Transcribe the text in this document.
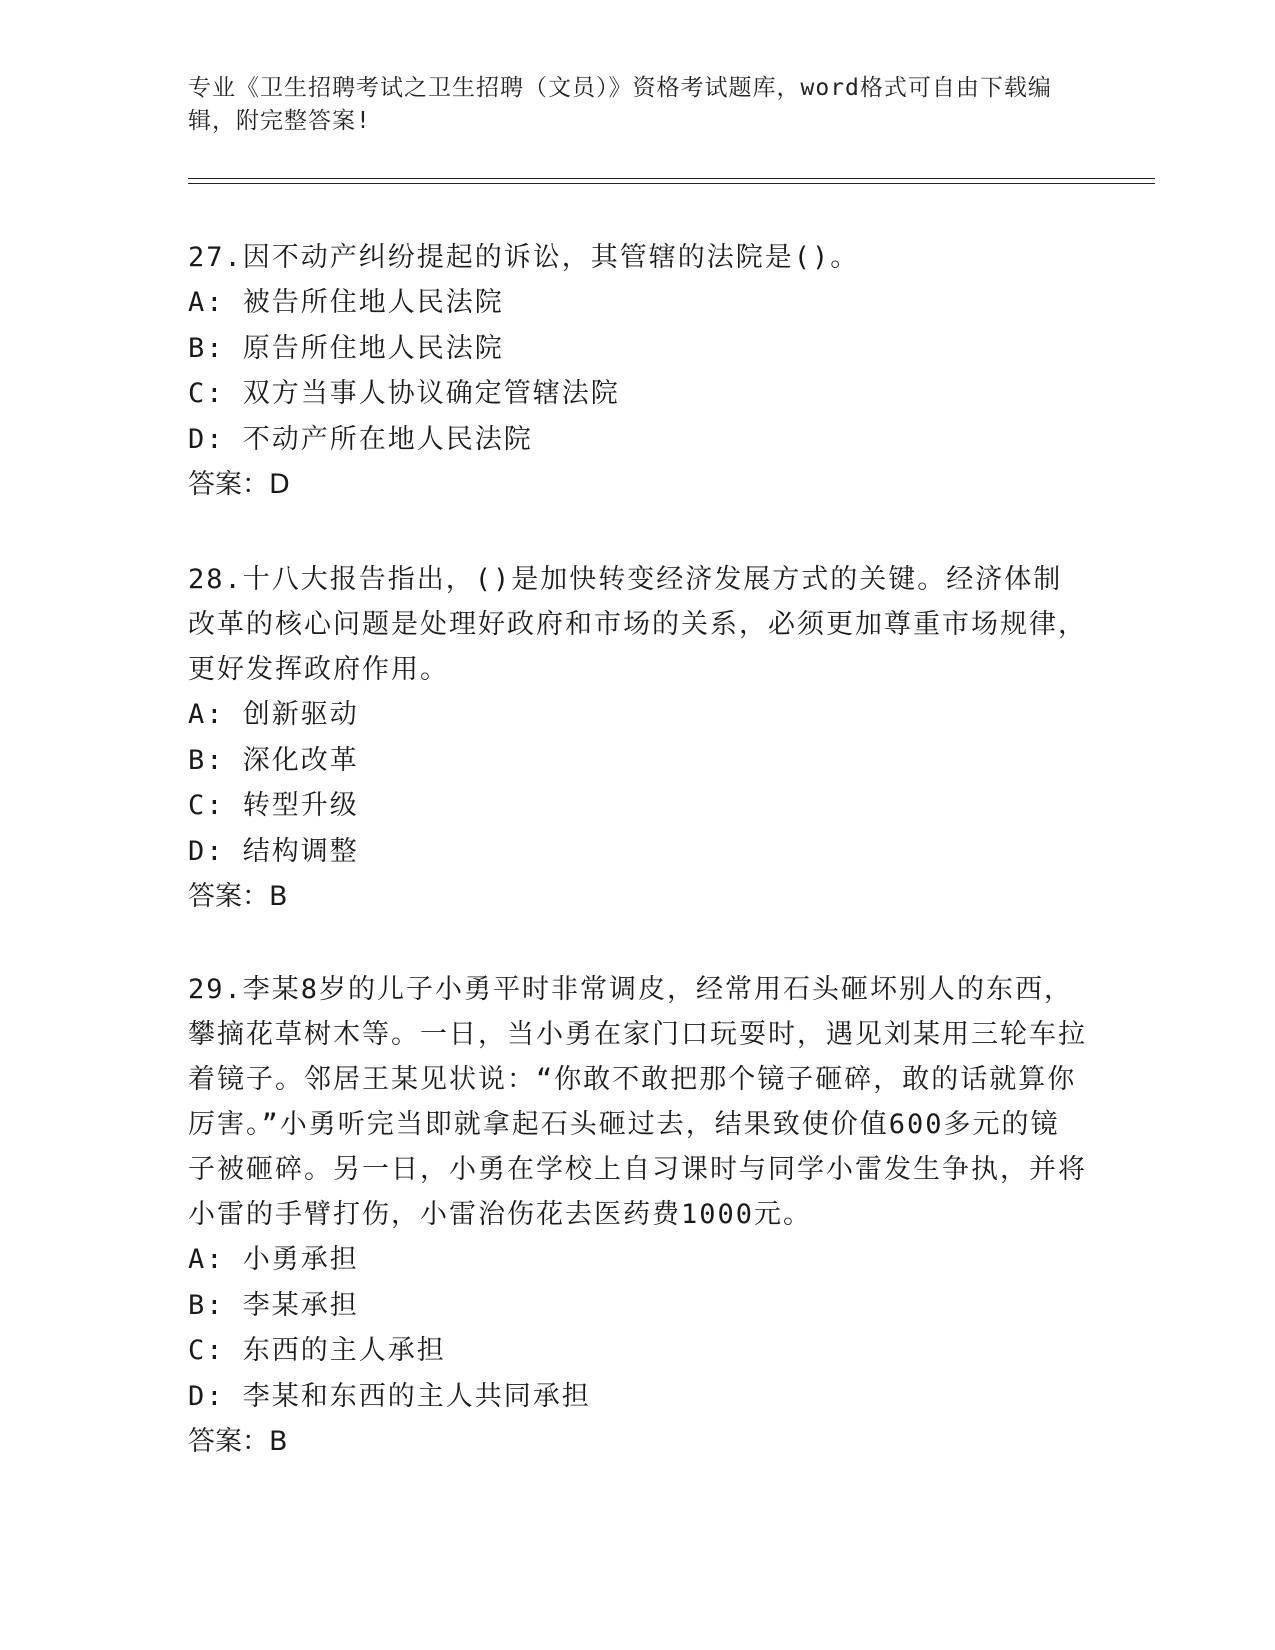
专业《卫生招聘考试之卫生招聘（文员）》资格考试题库，word格式可自由下载编辑，附完整答案!

27.因不动产纠纷提起的诉讼，其管辖的法院是()。

A: 被告所住地人民法院

B: 原告所住地人民法院

C: 双方当事人协议确定管辖法院

D: 不动产所在地人民法院

答案：D

28.十八大报告指出，()是加快转变经济发展方式的关键。经济体制改革的核心问题是处理好政府和市场的关系，必须更加尊重市场规律，更好发挥政府作用。

A: 创新驱动

B: 深化改革

C: 转型升级

D: 结构调整

答案：B

29.李某8岁的儿子小勇平时非常调皮，经常用石头砸坏别人的东西，攀摘花草树木等。一日，当小勇在家门口玩耍时，遇见刘某用三轮车拉着镜子。邻居王某见状说：“你敢不敢把那个镜子砸碎，敢的话就算你厉害。”小勇听完当即就拿起石头砸过去，结果致使价值600多元的镜子被砸碎。另一日，小勇在学校上自习课时与同学小雷发生争执，并将小雷的手臂打伤，小雷治伤花去医药费1000元。

A: 小勇承担

B: 李某承担

C: 东西的主人承担

D: 李某和东西的主人共同承担

答案：B
